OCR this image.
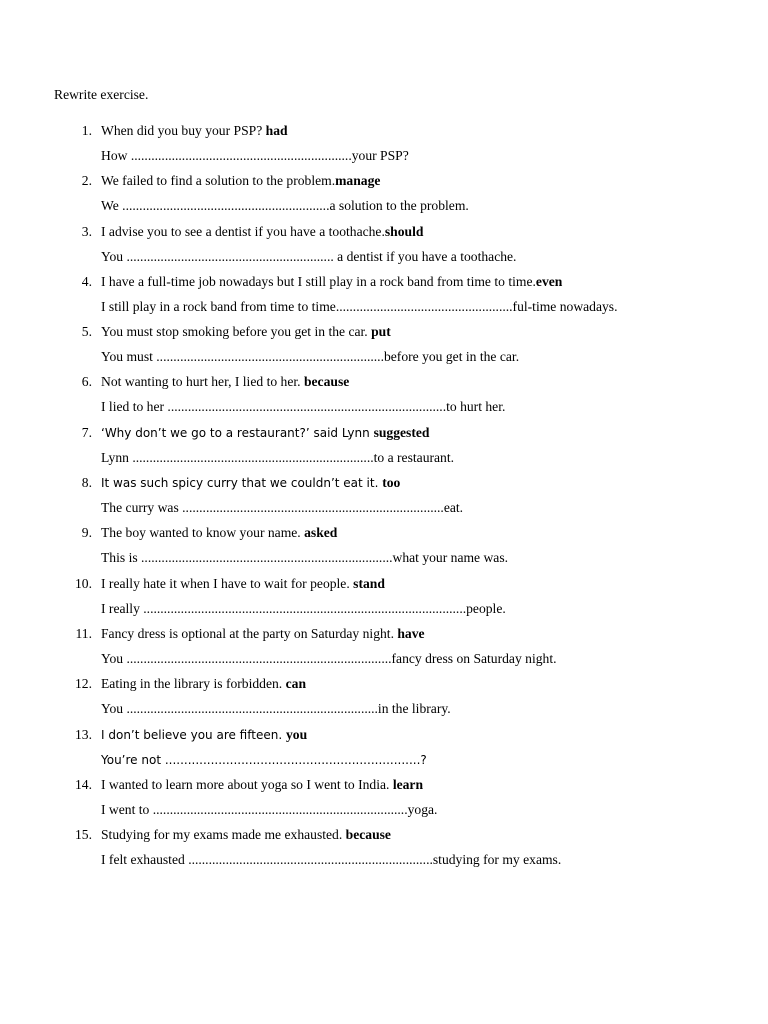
Rewrite exercise.
1. When did you buy your PSP? had
How .................................................................your PSP?
2. We failed to find a solution to the problem.manage
We .............................................................a solution to the problem.
3. I advise you to see a dentist if you have a toothache.should
You ............................................................. a dentist if you have a toothache.
4. I have a full-time job nowadays but I still play in a rock band from time to time.even
I still play in a rock band from time to time....................................................ful-time nowadays.
5. You must stop smoking before you get in the car. put
You must ...................................................................before you get in the car.
6. Not wanting to hurt her, I lied to her. because
I lied to her ..................................................................................to hurt her.
7. ‘Why don’t we go to a restaurant?’ said Lynn suggested
Lynn .......................................................................to a restaurant.
8. It was such spicy curry that we couldn’t eat it. too
The curry was .............................................................................eat.
9. The boy wanted to know your name. asked
This is ..........................................................................what your name was.
10. I really hate it when I have to wait for people. stand
I really ...............................................................................................people.
11. Fancy dress is optional at the party on Saturday night. have
You ..............................................................................fancy dress on Saturday night.
12. Eating in the library is forbidden. can
You ..........................................................................in the library.
13. I don’t believe you are fifteen. you
You’re not ...................................................................?
14. I wanted to learn more about yoga so I went to India. learn
I went to ...........................................................................yoga.
15. Studying for my exams made me exhausted. because
I felt exhausted ........................................................................studying for my exams.
